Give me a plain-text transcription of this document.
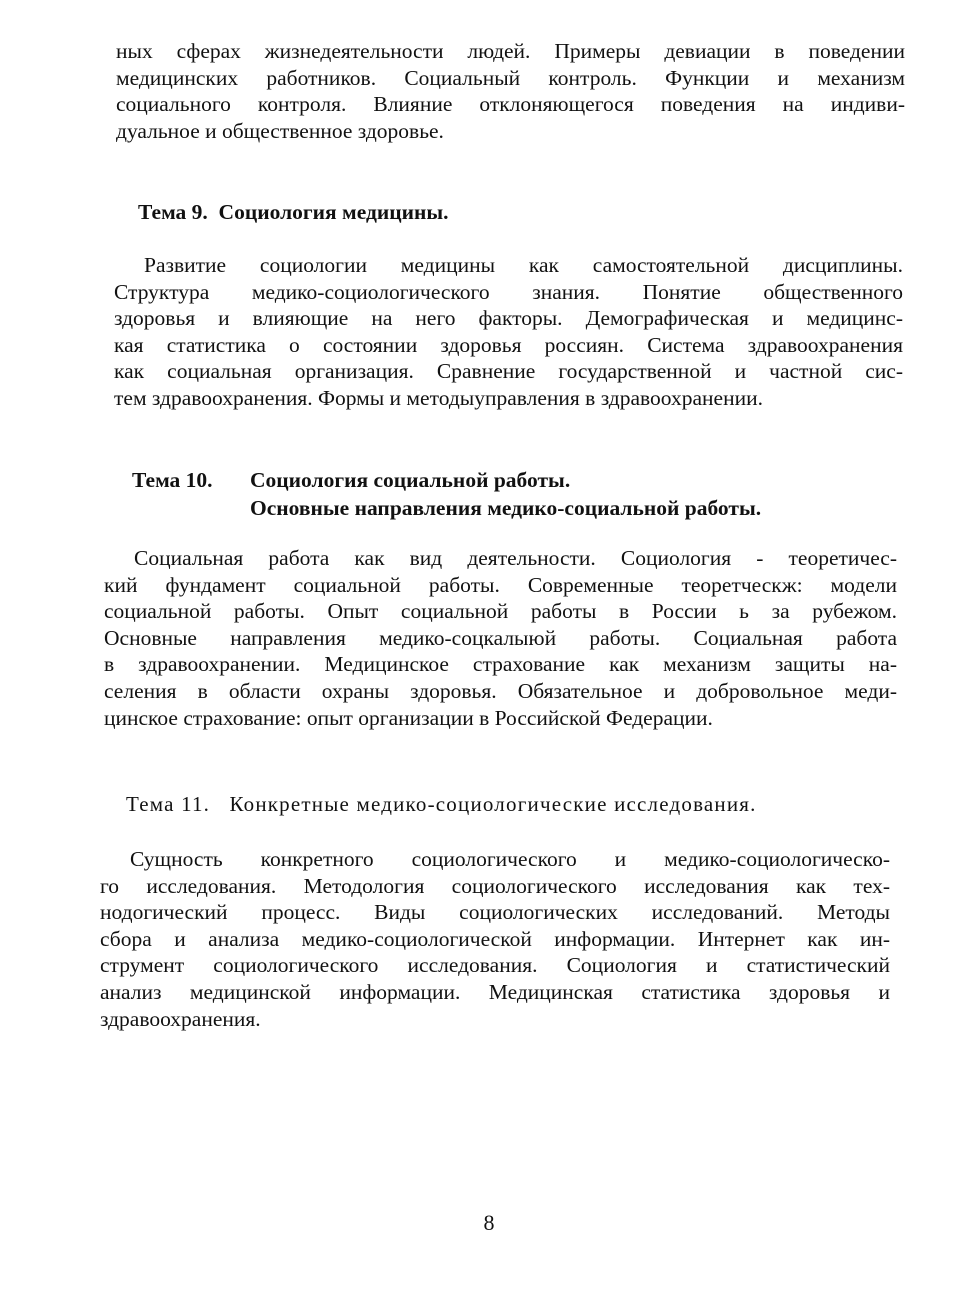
ных сферах жизнедеятельности людей. Примеры девиации в поведении
медицинских работников. Социальный контроль. Функции и механизм
социального контроля. Влияние отклоняющегося поведения на индиви-
дуальное и общественное здоровье.
Тема 9.  Социология медицины.
Развитие социологии медицины как самостоятельной дисциплины.
Структура медико-социологического знания. Понятие общественного
здоровья и влияющие на него факторы. Демографическая и медицинс-
кая статистика о состоянии здоровья россиян. Система здравоохранения
как социальная организация. Сравнение государственной и частной сис-
тем здравоохранения. Формы и методыуправления в здравоохранении.
Тема 10.	Социология социальной работы.
Основные направления медико-социальной работы.
Социальная работа как вид деятельности. Социология - теоретичес-
кий фундамент социальной работы. Современные теоретческж: модели
социальной работы. Опыт социальной работы в России ь за рубежом.
Основные направления медико-соцкалыюй работы. Социальная работа
в здравоохранении. Медицинское страхование как механизм защиты на-
селения в области охраны здоровья. Обязательное и добровольное меди-
цинское страхование: опыт организации в Российской Федерации.
Тема 11.   Конкретные медико-социологические исследования.
Сущность конкретного социологического и медико-социологическо-
го исследования. Методология социологического исследования как тех-
нодогический процесс. Виды социологических исследований. Методы
сбора и анализа медико-социологической информации. Интернет как ин-
струмент социологического исследования. Социология и статистический
анализ медицинской информации. Медицинская статистика здоровья и
здравоохранения.
8
